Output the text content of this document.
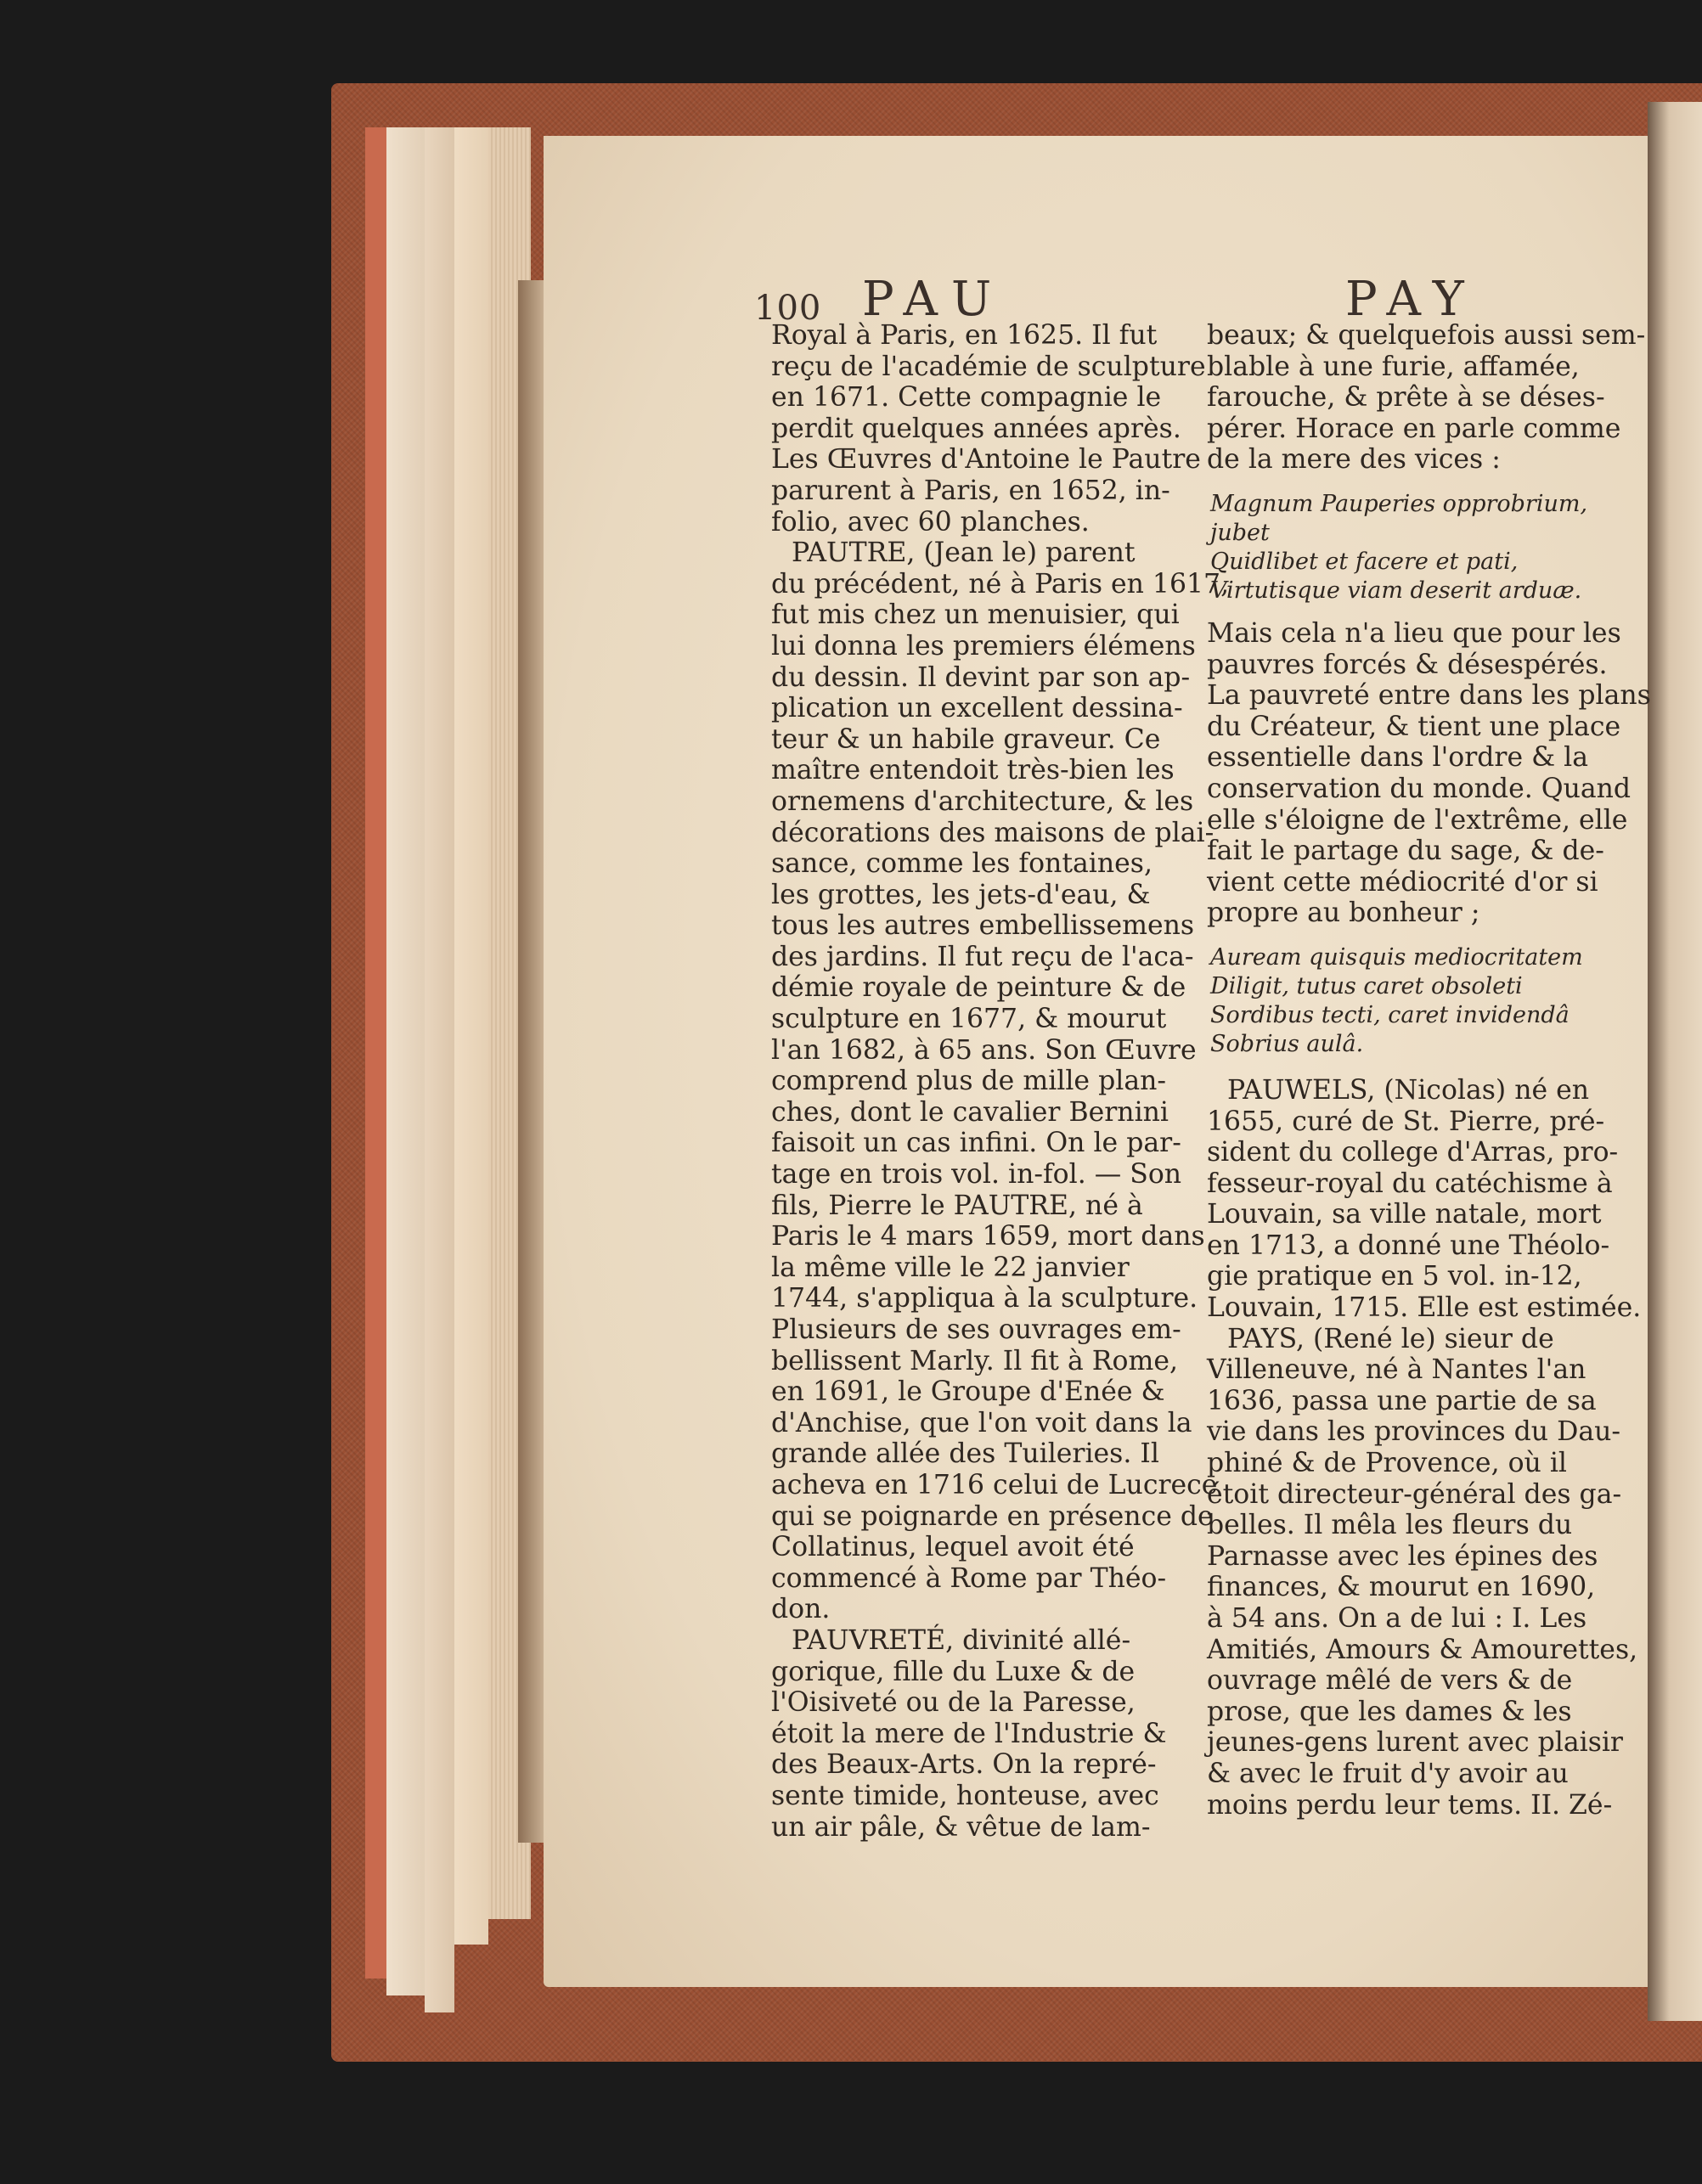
100 PAU	PAY
Royal à Paris, en 1625. Il fut
reçu de l'académie de sculpture
en 1671. Cette compagnie le
perdit quelques années après.
Les Œuvres d'Antoine le Pautre
parurent à Paris, en 1652, in-
folio, avec 60 planches.
PAUTRE, (Jean le) parent
du précédent, né à Paris en 1617,
fut mis chez un menuisier, qui
lui donna les premiers élémens
du dessin. Il devint par son ap-
plication un excellent dessina-
teur & un habile graveur. Ce
maître entendoit très-bien les
ornemens d'architecture, & les
décorations des maisons de plai-
sance, comme les fontaines,
les grottes, les jets-d'eau, &
tous les autres embellissemens
des jardins. Il fut reçu de l'aca-
démie royale de peinture & de
sculpture en 1677, & mourut
l'an 1682, à 65 ans. Son Œuvre
comprend plus de mille plan-
ches, dont le cavalier Bernini
faisoit un cas infini. On le par-
tage en trois vol. in-fol. — Son
fils, Pierre le PAUTRE, né à
Paris le 4 mars 1659, mort dans
la même ville le 22 janvier
1744, s'appliqua à la sculpture.
Plusieurs de ses ouvrages em-
bellissent Marly. Il fit à Rome,
en 1691, le Groupe d'Enée &
d'Anchise, que l'on voit dans la
grande allée des Tuileries. Il
acheva en 1716 celui de Lucrece
qui se poignarde en présence de
Collatinus, lequel avoit été
commencé à Rome par Théo-
don.
PAUVRETÉ, divinité allé-
gorique, fille du Luxe & de
l'Oisiveté ou de la Paresse,
étoit la mere de l'Industrie &
des Beaux-Arts. On la repré-
sente timide, honteuse, avec
un air pâle, & vêtue de lam-
beaux; & quelquefois aussi sem-
blable à une furie, affamée,
farouche, & prête à se déses-
pérer. Horace en parle comme
de la mere des vices :
Magnum Pauperies opprobrium,
jubet
Quidlibet et facere et pati,
Virtutisque viam deserit arduæ.
Mais cela n'a lieu que pour les
pauvres forcés & désespérés.
La pauvreté entre dans les plans
du Créateur, & tient une place
essentielle dans l'ordre & la
conservation du monde. Quand
elle s'éloigne de l'extrême, elle
fait le partage du sage, & de-
vient cette médiocrité d'or si
propre au bonheur ;
Auream quisquis mediocritatem
Diligit, tutus caret obsoleti
Sordibus tecti, caret invidendâ
Sobrius aulâ.
PAUWELS, (Nicolas) né en
1655, curé de St. Pierre, pré-
sident du college d'Arras, pro-
fesseur-royal du catéchisme à
Louvain, sa ville natale, mort
en 1713, a donné une Théolo-
gie pratique en 5 vol. in-12,
Louvain, 1715. Elle est estimée.
PAYS, (René le) sieur de
Villeneuve, né à Nantes l'an
1636, passa une partie de sa
vie dans les provinces du Dau-
phiné & de Provence, où il
étoit directeur-général des ga-
belles. Il mêla les fleurs du
Parnasse avec les épines des
finances, & mourut en 1690,
à 54 ans. On a de lui : I. Les
Amitiés, Amours & Amourettes,
ouvrage mêlé de vers & de
prose, que les dames & les
jeunes-gens lurent avec plaisir
& avec le fruit d'y avoir au
moins perdu leur tems. II. Zé-
